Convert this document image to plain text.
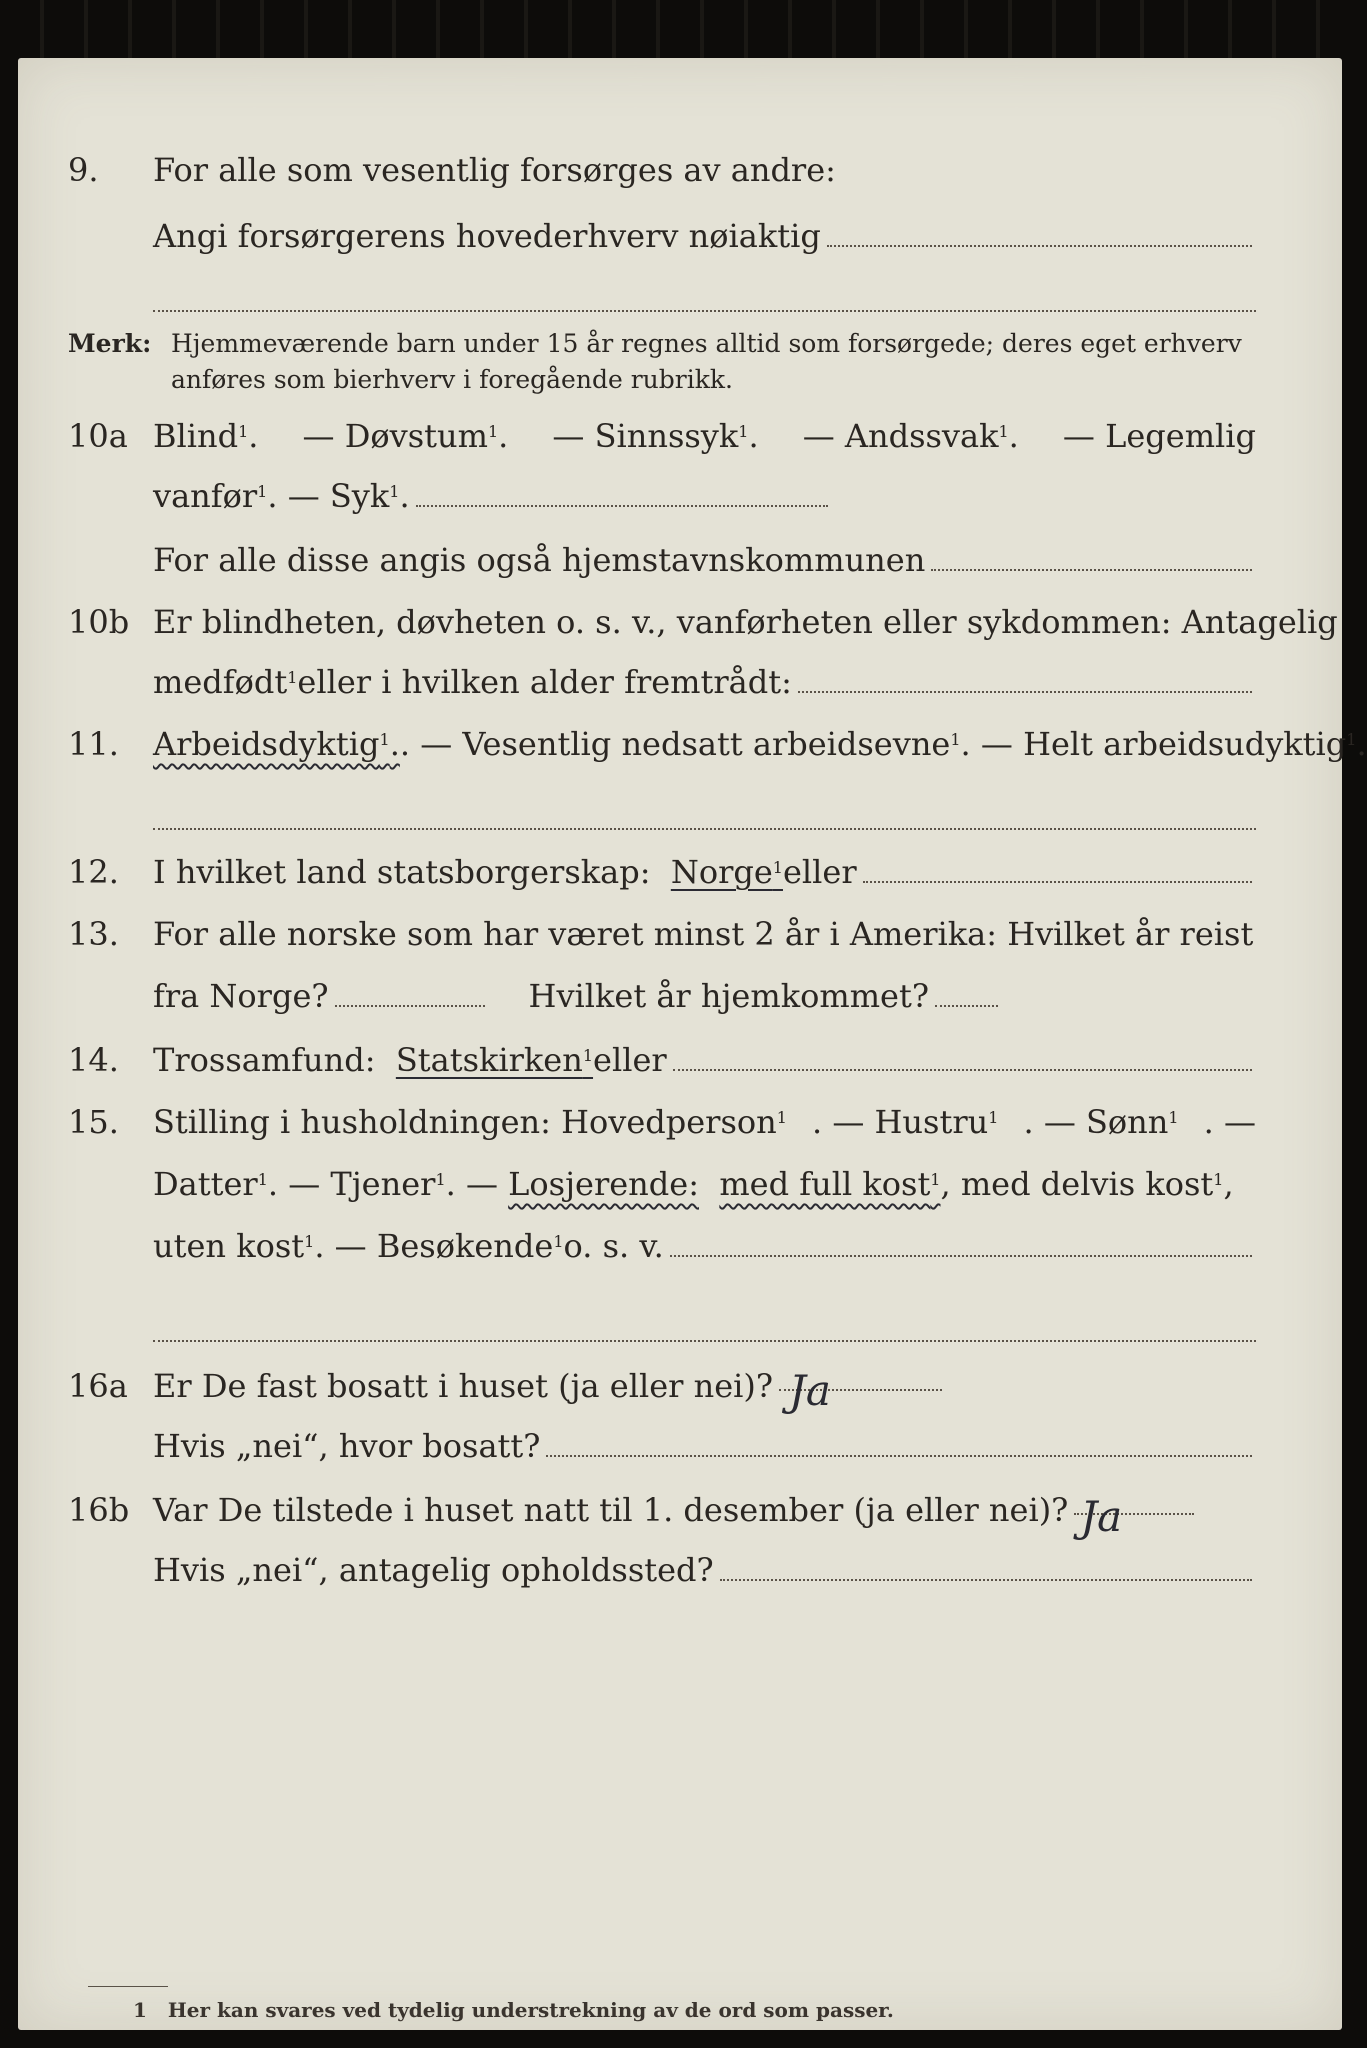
9.	For alle som vesentlig forsørges av andre:
Angi forsørgerens hovederhverv nøiaktig
Merk: Hjemmeværende barn under 15 år regnes alltid som forsørgede; deres eget erhverv
anføres som bierhverv i foregående rubrikk.
10a Blind$^1$. — Døvstum$^1$. — Sinnssyk$^1$. — Andssvak$^1$. — Legemlig
vanfør$^1$ . — Syk$^1$.
For alle disse angis også hjemstavnskommunen
10b Er blindheten, døvheten o. s. v., vanførheten eller sykdommen: Antagelig
medfødt$^1$ eller i hvilken alder fremtrådt:
11.	Arbeidsdyktig$^1$.. — Vesentlig nedsatt arbeidsevne$^1$. — Helt arbeidsudyktig$^1$.
12.	I hvilket land statsborgerskap:
Norge$^1$ eller
13.	For alle norske som har været minst 2 år i Amerika: Hvilket år reist
fra Norge?	Hvilket år hjemkommet?
14.	Trossamfund:
Statskirken$^1$ eller
15.	Stilling i husholdningen: Hovedperson$^1$ . — Hustru$^1$ . — Sønn$^1$ . —
Datter$^1$. — Tjener$^1$. — Losjerende: med full kost$^1$, med delvis kost$^1$,
uten kost$^1$ . — Besøkende$^1$ o. s. v.
16a Er De fast bosatt i huset (ja eller nei)? Ja
Hvis „nei“, hvor bosatt?
16b Var De tilstede i huset natt til 1. desember (ja eller nei)? Ja
Hvis „nei“, antagelig opholdssted?
1 Her kan svares ved tydelig understrekning av de ord som passer.
